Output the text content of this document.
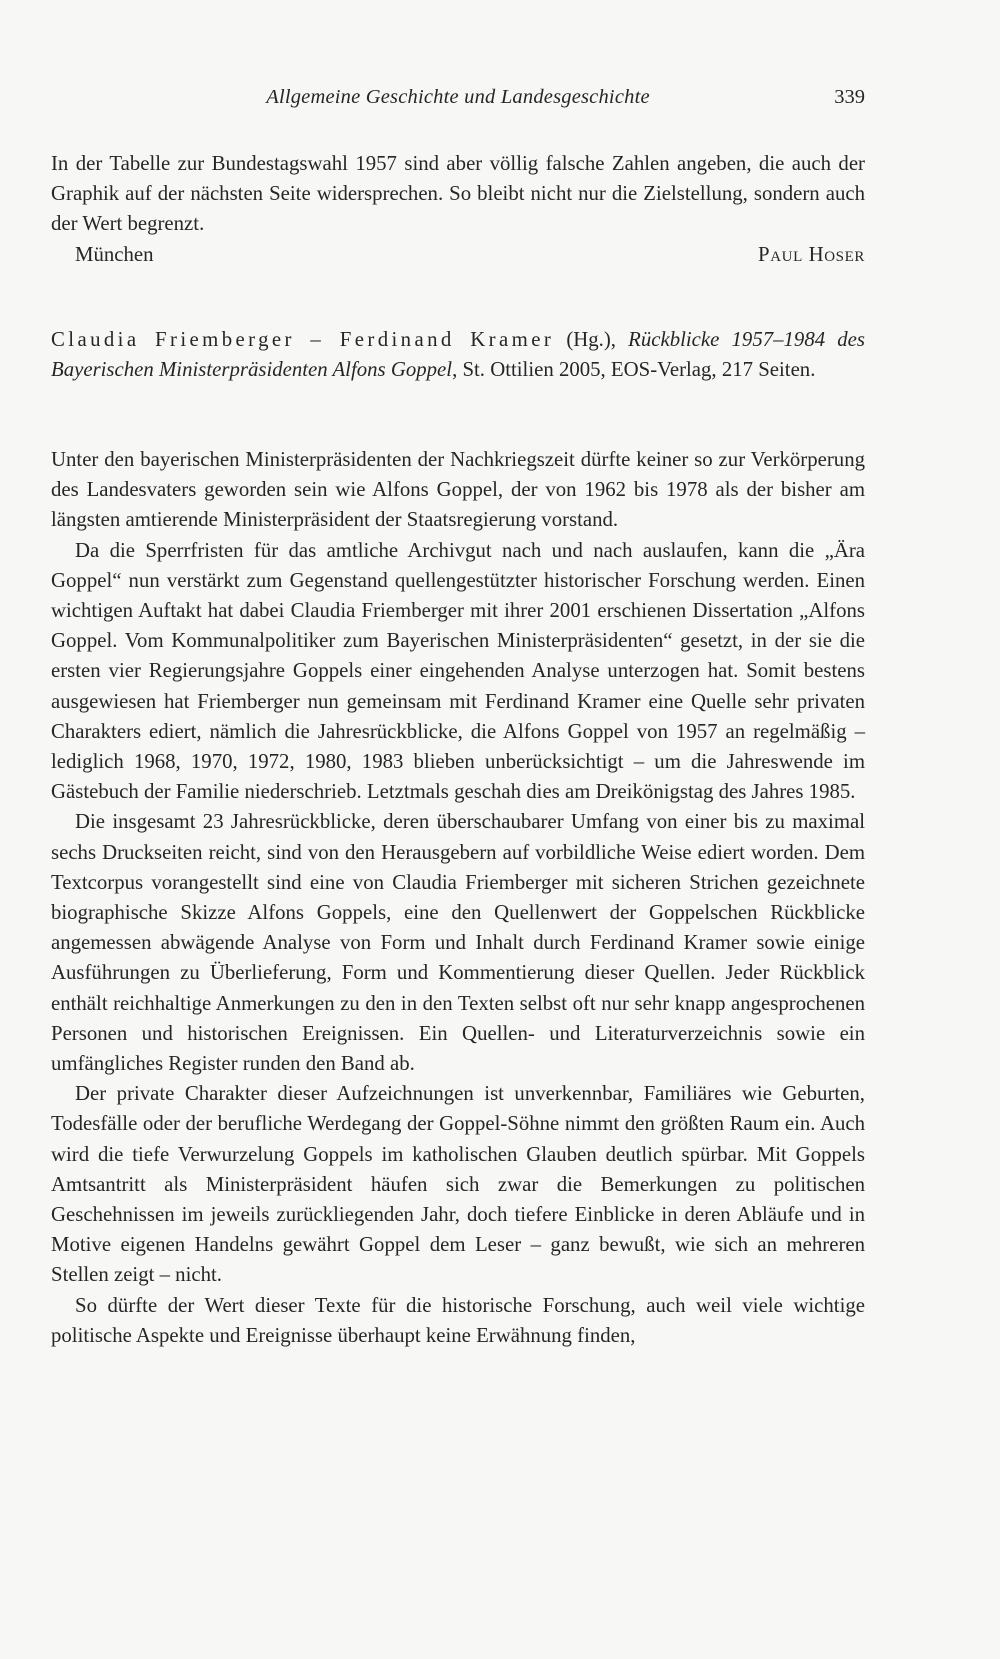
Allgemeine Geschichte und Landesgeschichte	339

In der Tabelle zur Bundestagswahl 1957 sind aber völlig falsche Zahlen angeben, die auch der Graphik auf der nächsten Seite widersprechen. So bleibt nicht nur die Zielstellung, sondern auch der Wert begrenzt.

München	Paul Hoser

Claudia Friemberger – Ferdinand Kramer (Hg.), Rückblicke 1957–1984 des Bayerischen Ministerpräsidenten Alfons Goppel, St. Ottilien 2005, EOS-Verlag, 217 Seiten.

Unter den bayerischen Ministerpräsidenten der Nachkriegszeit dürfte keiner so zur Verkörperung des Landesvaters geworden sein wie Alfons Goppel, der von 1962 bis 1978 als der bisher am längsten amtierende Ministerpräsident der Staatsregierung vorstand.

Da die Sperrfristen für das amtliche Archivgut nach und nach auslaufen, kann die „Ära Goppel“ nun verstärkt zum Gegenstand quellengestützter historischer Forschung werden. Einen wichtigen Auftakt hat dabei Claudia Friemberger mit ihrer 2001 erschienen Dissertation „Alfons Goppel. Vom Kommunalpolitiker zum Bayerischen Ministerpräsidenten“ gesetzt, in der sie die ersten vier Regierungsjahre Goppels einer eingehenden Analyse unterzogen hat. Somit bestens ausgewiesen hat Friemberger nun gemeinsam mit Ferdinand Kramer eine Quelle sehr privaten Charakters ediert, nämlich die Jahresrückblicke, die Alfons Goppel von 1957 an regelmäßig – lediglich 1968, 1970, 1972, 1980, 1983 blieben unberücksichtigt – um die Jahreswende im Gästebuch der Familie niederschrieb. Letztmals geschah dies am Dreikönigstag des Jahres 1985.

Die insgesamt 23 Jahresrückblicke, deren überschaubarer Umfang von einer bis zu maximal sechs Druckseiten reicht, sind von den Herausgebern auf vorbildliche Weise ediert worden. Dem Textcorpus vorangestellt sind eine von Claudia Friemberger mit sicheren Strichen gezeichnete biographische Skizze Alfons Goppels, eine den Quellenwert der Goppelschen Rückblicke angemessen abwägende Analyse von Form und Inhalt durch Ferdinand Kramer sowie einige Ausführungen zu Überlieferung, Form und Kommentierung dieser Quellen. Jeder Rückblick enthält reichhaltige Anmerkungen zu den in den Texten selbst oft nur sehr knapp angesprochenen Personen und historischen Ereignissen. Ein Quellen- und Literaturverzeichnis sowie ein umfängliches Register runden den Band ab.

Der private Charakter dieser Aufzeichnungen ist unverkennbar, Familiäres wie Geburten, Todesfälle oder der berufliche Werdegang der Goppel-Söhne nimmt den größten Raum ein. Auch wird die tiefe Verwurzelung Goppels im katholischen Glauben deutlich spürbar. Mit Goppels Amtsantritt als Ministerpräsident häufen sich zwar die Bemerkungen zu politischen Geschehnissen im jeweils zurückliegenden Jahr, doch tiefere Einblicke in deren Abläufe und in Motive eigenen Handelns gewährt Goppel dem Leser – ganz bewußt, wie sich an mehreren Stellen zeigt – nicht.

So dürfte der Wert dieser Texte für die historische Forschung, auch weil viele wichtige politische Aspekte und Ereignisse überhaupt keine Erwähnung finden,
